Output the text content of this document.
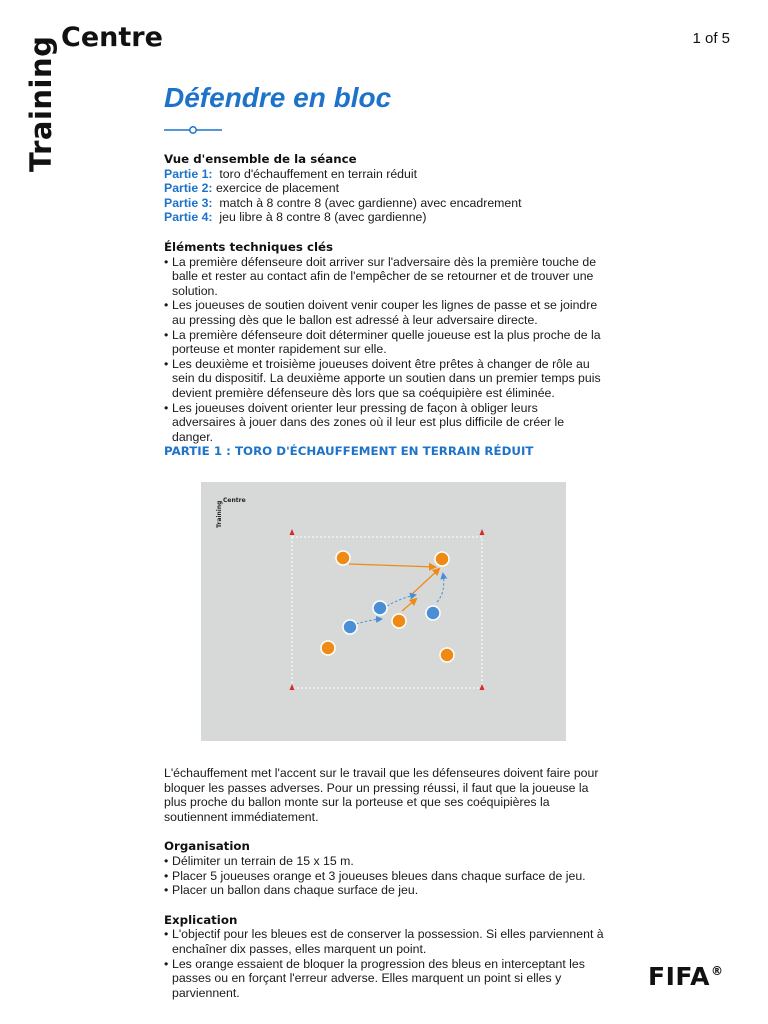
Training Centre	1 of 5
Défendre en bloc

Vue d'ensemble de la séance

Partie 1: toro d'échauffement en terrain réduit

Partie 2: exercice de placement

Partie 3: match à 8 contre 8 (avec gardienne) avec encadrement

Partie 4: jeu libre à 8 contre 8 (avec gardienne)

Éléments techniques clés

• La première défenseure doit arriver sur l'adversaire dès la première touche de balle et rester au contact afin de l'empêcher de se retourner et de trouver une solution.
• Les joueuses de soutien doivent venir couper les lignes de passe et se joindre au pressing dès que le ballon est adressé à leur adversaire directe.
• La première défenseure doit déterminer quelle joueuse est la plus proche de la porteuse et monter rapidement sur elle.
• Les deuxième et troisième joueuses doivent être prêtes à changer de rôle au sein du dispositif. La deuxième apporte un soutien dans un premier temps puis devient première défenseure dès lors que sa coéquipière est éliminée.
• Les joueuses doivent orienter leur pressing de façon à obliger leurs adversaires à jouer dans des zones où il leur est plus difficile de créer le danger.
PARTIE 1 : TORO D'ÉCHAUFFEMENT EN TERRAIN RÉDUIT
Training
Centre

L'échauffement met l'accent sur le travail que les défenseures doivent faire pour bloquer les passes adverses. Pour un pressing réussi, il faut que la joueuse la plus proche du ballon monte sur la porteuse et que ses coéquipières la soutiennent immédiatement.

Organisation

• Délimiter un terrain de 15 x 15 m.
• Placer 5 joueuses orange et 3 joueuses bleues dans chaque surface de jeu.
• Placer un ballon dans chaque surface de jeu.

Explication

• L'objectif pour les bleues est de conserver la possession. Si elles parviennent à enchaîner dix passes, elles marquent un point.
• Les orange essaient de bloquer la progression des bleus en interceptant les passes ou en forçant l'erreur adverse. Elles marquent un point si elles y parviennent.
FIFA®
